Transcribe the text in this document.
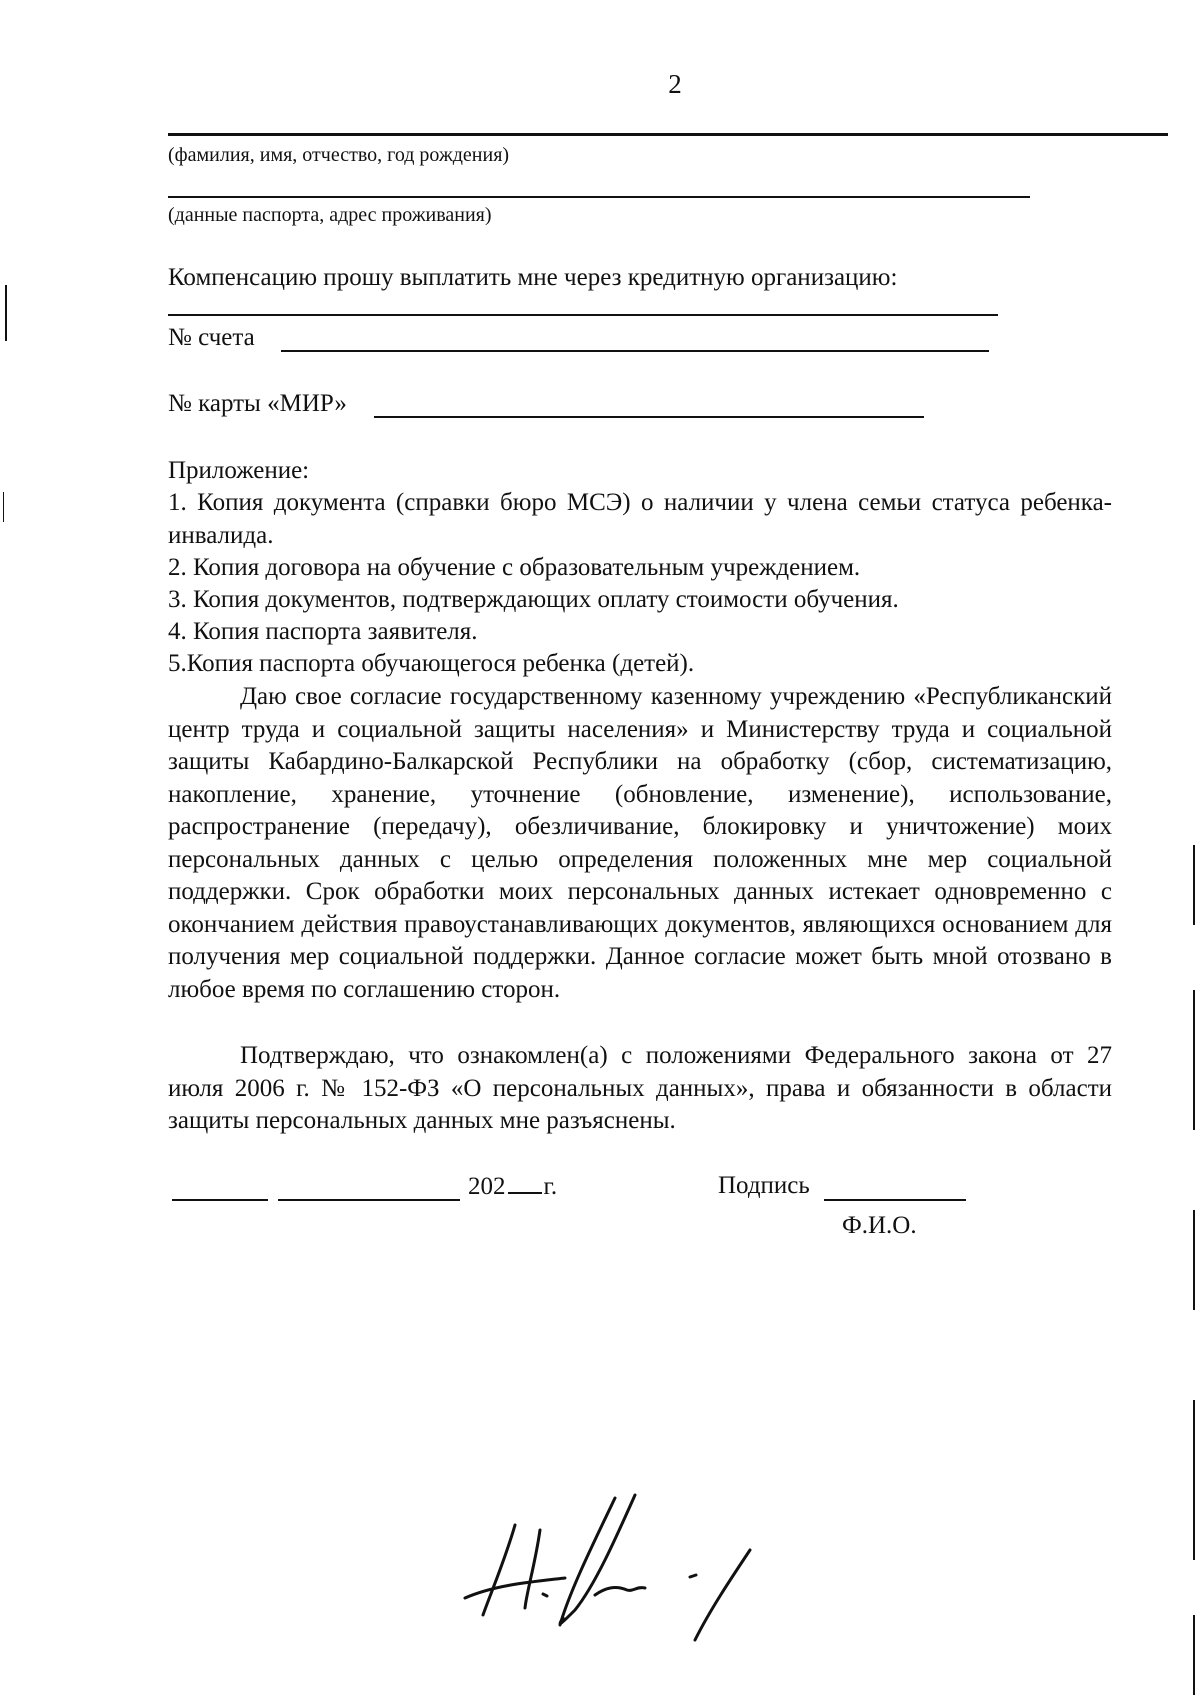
2
(фамилия, имя, отчество, год рождения)
(данные паспорта, адрес проживания)
Компенсацию прошу выплатить мне через кредитную организацию:
№ счета
№ карты «МИР»
Приложение:
1. Копия документа (справки бюро МСЭ) о наличии у члена семьи статуса ребенка-инвалида.
2. Копия договора на обучение с образовательным учреждением.
3. Копия документов, подтверждающих оплату стоимости обучения.
4. Копия паспорта заявителя.
5.Копия паспорта обучающегося ребенка (детей).
Даю свое согласие государственному казенному учреждению «Республиканский центр труда и социальной защиты населения» и Министерству труда и социальной защиты Кабардино-Балкарской Республики на обработку (сбор, систематизацию, накопление, хранение, уточнение (обновление, изменение), использование, распространение (передачу), обезличивание, блокировку и уничтожение) моих персональных данных с целью определения положенных мне мер социальной поддержки. Срок обработки моих персональных данных истекает одновременно с окончанием действия правоустанавливающих документов, являющихся основанием для получения мер социальной поддержки. Данное согласие может быть мной отозвано в любое время по соглашению сторон.
Подтверждаю, что ознакомлен(а) с положениями Федерального закона от 27 июля 2006 г. № 152-ФЗ «О персональных данных», права и обязанности в области защиты персональных данных мне разъяснены.
202 г.	Подпись
Ф.И.О.
